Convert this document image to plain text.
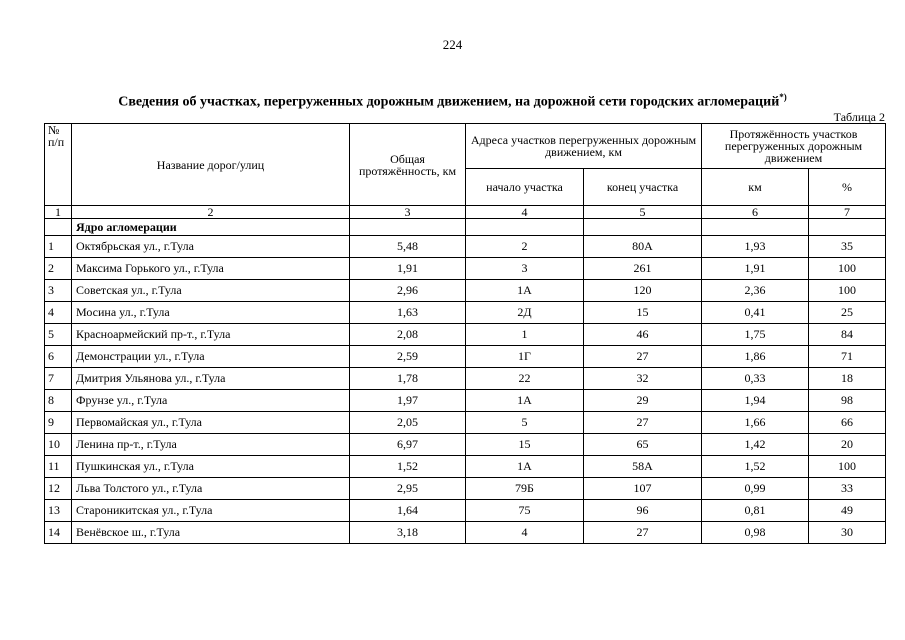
224
Сведения об участках, перегруженных дорожным движением, на дорожной сети городских агломераций*)
Таблица 2
№ п/п	Название дорог/улиц	Общая протяжённость, км	Адреса участков перегруженных дорожным движением, км		Протяжённость участков перегруженных дорожным движением	
			начало участка	конец участка	км	%
1	2	3	4	5	6	7
	Ядро агломерации					
1	Октябрьская ул., г.Тула	5,48	2	80А	1,93	35
2	Максима Горького ул., г.Тула	1,91	3	261	1,91	100
3	Советская ул., г.Тула	2,96	1А	120	2,36	100
4	Мосина ул., г.Тула	1,63	2Д	15	0,41	25
5	Красноармейский пр-т., г.Тула	2,08	1	46	1,75	84
6	Демонстрации ул., г.Тула	2,59	1Г	27	1,86	71
7	Дмитрия Ульянова ул., г.Тула	1,78	22	32	0,33	18
8	Фрунзе ул., г.Тула	1,97	1А	29	1,94	98
9	Первомайская ул., г.Тула	2,05	5	27	1,66	66
10	Ленина пр-т., г.Тула	6,97	15	65	1,42	20
11	Пушкинская ул., г.Тула	1,52	1А	58А	1,52	100
12	Льва Толстого ул., г.Тула	2,95	79Б	107	0,99	33
13	Староникитская ул., г.Тула	1,64	75	96	0,81	49
14	Венёвское ш., г.Тула	3,18	4	27	0,98	30
